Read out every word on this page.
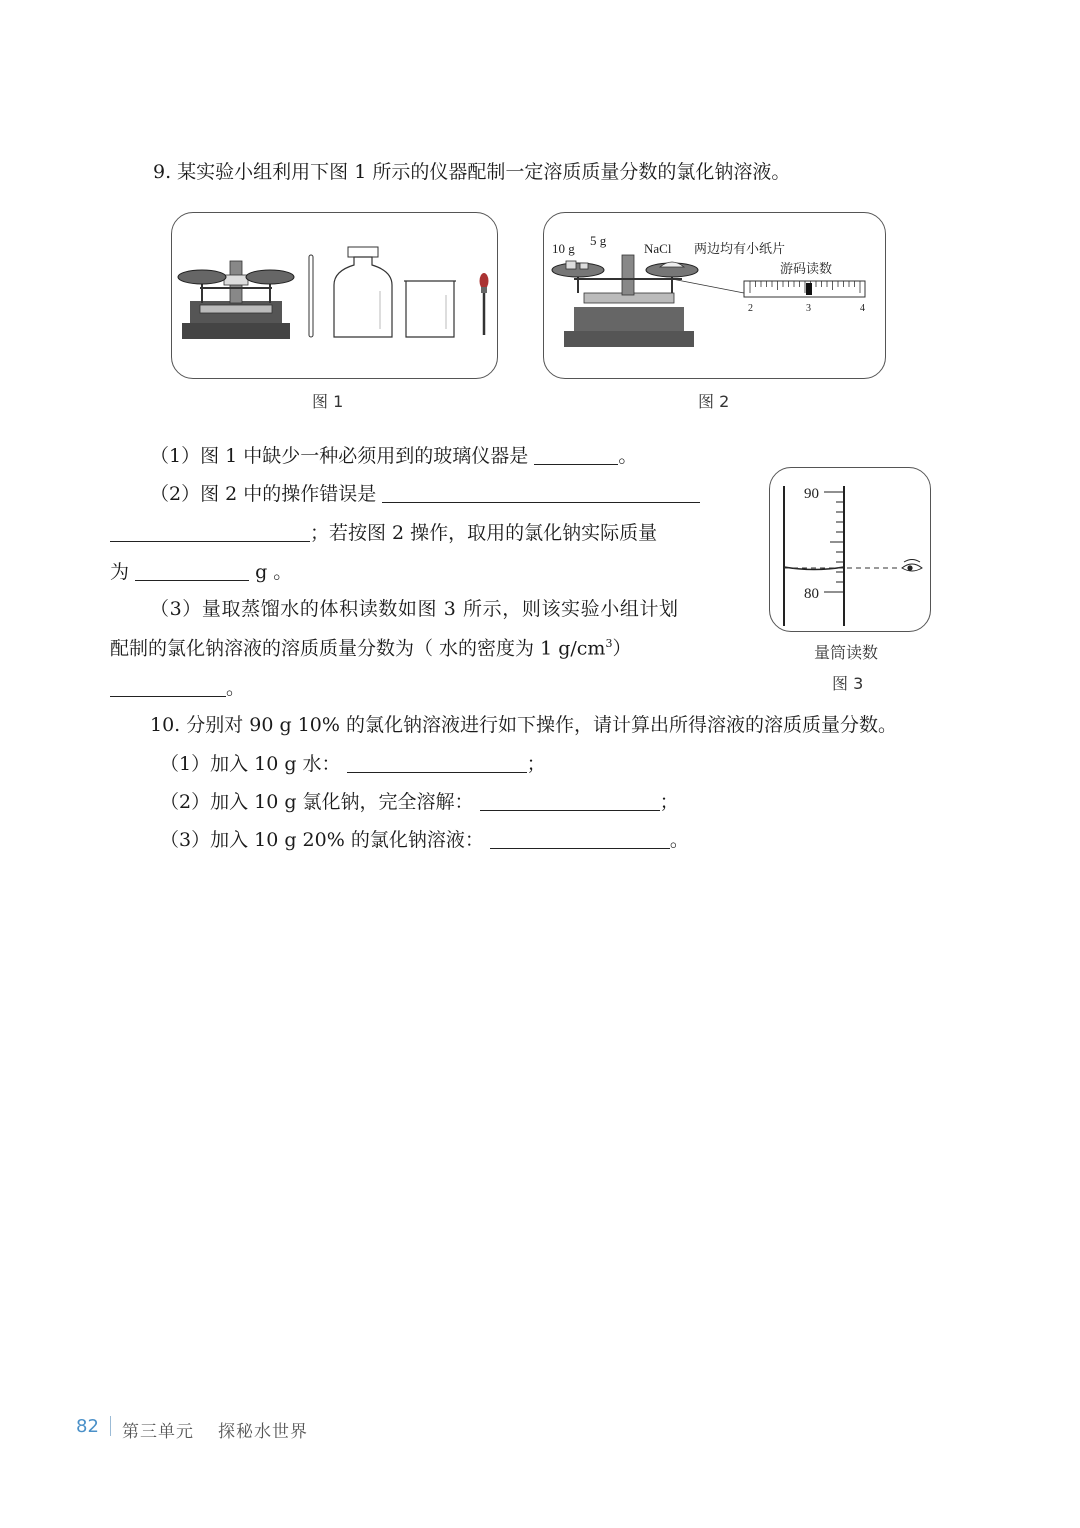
9. 某实验小组利用下图 1 所示的仪器配制一定溶质质量分数的氯化钠溶液。
图 1
10 g
5 g
NaCl 两边均有小纸片
游码读数
2	3	4
图 2
（1）图 1 中缺少一种必须用到的玻璃仪器是	。
（2）图 2 中的操作错误是
；若按图 2 操作，取用的氯化钠实际质量
为	g 。
（3）量取蒸馏水的体积读数如图 3 所示，则该实验小组计划
配制的氯化钠溶液的溶质质量分数为（ 水的密度为 1 $g/cm^3$）
。
90
80
量筒读数
图 3
10. 分别对 90 g 10% 的氯化钠溶液进行如下操作，请计算出所得溶液的溶质质量分数。
（1）加入 10 g 水：	；
（2）加入 10 g 氯化钠，完全溶解：	；
（3）加入 10 g 20% 的氯化钠溶液：	。
82 第三单元 探秘水世界
